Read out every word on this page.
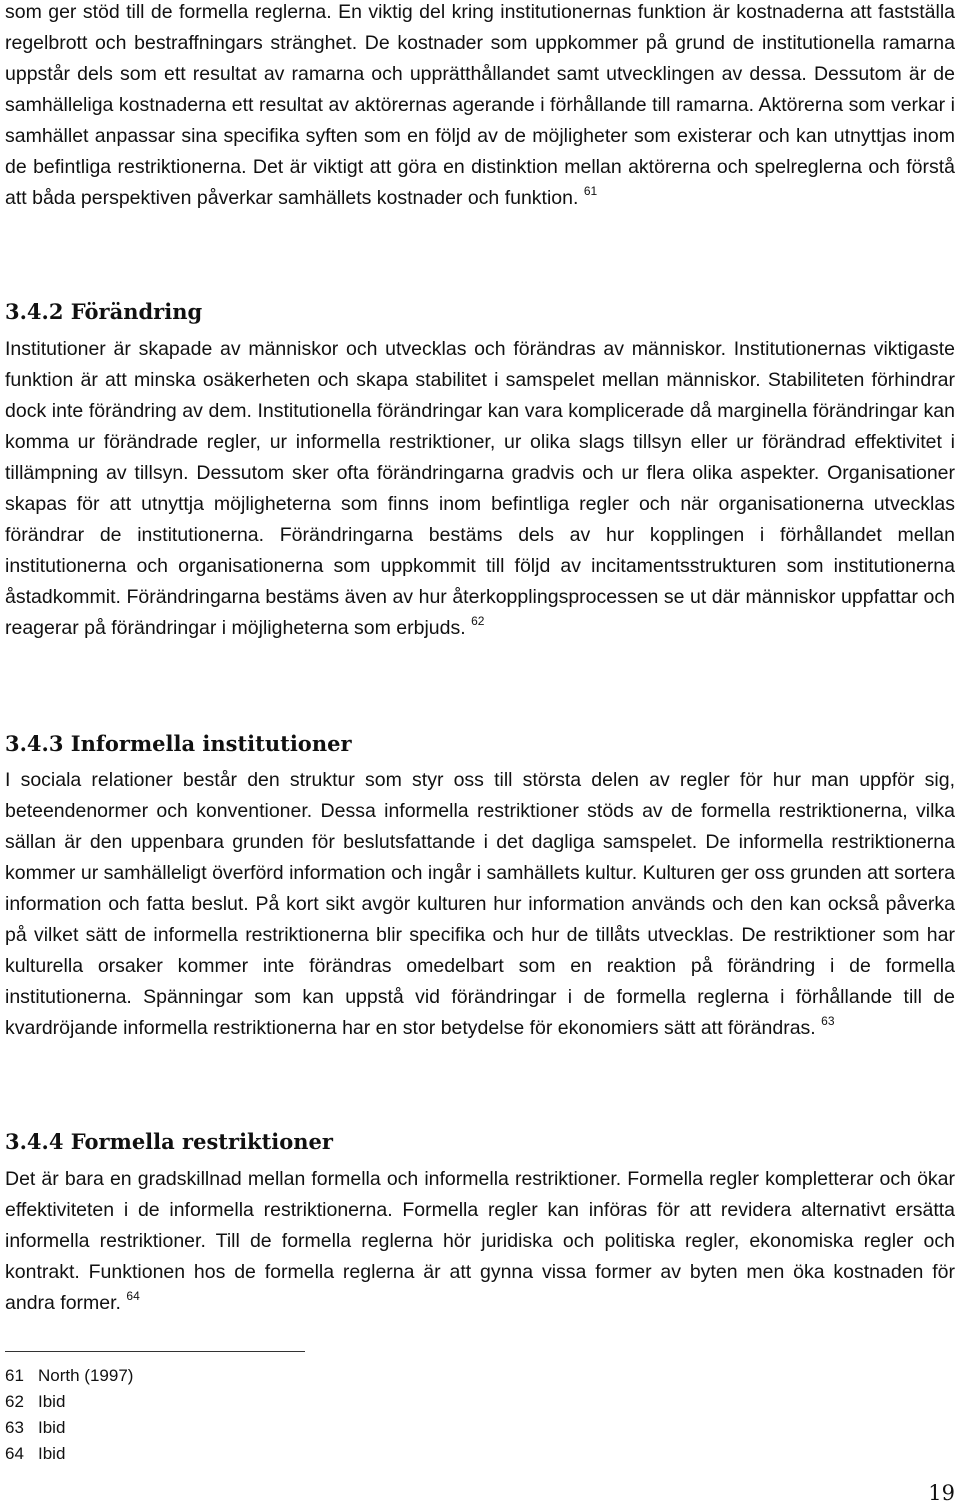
som ger stöd till de formella reglerna. En viktig del kring institutionernas funktion är kostnaderna att fastställa regelbrott och bestraffningars stränghet. De kostnader som uppkommer på grund de institutionella ramarna uppstår dels som ett resultat av ramarna och upprätthållandet samt utvecklingen av dessa. Dessutom är de samhälleliga kostnaderna ett resultat av aktörernas agerande i förhållande till ramarna. Aktörerna som verkar i samhället anpassar sina specifika syften som en följd av de möjligheter som existerar och kan utnyttjas inom de befintliga restriktionerna. Det är viktigt att göra en distinktion mellan aktörerna och spelreglerna och förstå att båda perspektiven påverkar samhällets kostnader och funktion. $^{61}$
3.4.2 Förändring
Institutioner är skapade av människor och utvecklas och förändras av människor. Institutionernas viktigaste funktion är att minska osäkerheten och skapa stabilitet i samspelet mellan människor. Stabiliteten förhindrar dock inte förändring av dem. Institutionella förändringar kan vara komplicerade då marginella förändringar kan komma ur förändrade regler, ur informella restriktioner, ur olika slags tillsyn eller ur förändrad effektivitet i tillämpning av tillsyn. Dessutom sker ofta förändringarna gradvis och ur flera olika aspekter. Organisationer skapas för att utnyttja möjligheterna som finns inom befintliga regler och när organisationerna utvecklas förändrar de institutionerna. Förändringarna bestäms dels av hur kopplingen i förhållandet mellan institutionerna och organisationerna som uppkommit till följd av incitamentsstrukturen som institutionerna åstadkommit. Förändringarna bestäms även av hur återkopplingsprocessen se ut där människor uppfattar och reagerar på förändringar i möjligheterna som erbjuds. $^{62}$
3.4.3 Informella institutioner
I sociala relationer består den struktur som styr oss till största delen av regler för hur man uppför sig, beteendenormer och konventioner. Dessa informella restriktioner stöds av de formella restriktionerna, vilka sällan är den uppenbara grunden för beslutsfattande i det dagliga samspelet. De informella restriktionerna kommer ur samhälleligt överförd information och ingår i samhällets kultur. Kulturen ger oss grunden att sortera information och fatta beslut. På kort sikt avgör kulturen hur information används och den kan också påverka på vilket sätt de informella restriktionerna blir specifika och hur de tillåts utvecklas. De restriktioner som har kulturella orsaker kommer inte förändras omedelbart som en reaktion på förändring i de formella institutionerna. Spänningar som kan uppstå vid förändringar i de formella reglerna i förhållande till de kvardröjande informella restriktionerna har en stor betydelse för ekonomiers sätt att förändras. $^{63}$
3.4.4 Formella restriktioner
Det är bara en gradskillnad mellan formella och informella restriktioner. Formella regler kompletterar och ökar effektiviteten i de informella restriktionerna. Formella regler kan införas för att revidera alternativt ersätta informella restriktioner. Till de formella reglerna hör juridiska och politiska regler, ekonomiska regler och kontrakt. Funktionen hos de formella reglerna är att gynna vissa former av byten men öka kostnaden för andra former. $^{64}$
61 North (1997)
62 Ibid
63 Ibid
64 Ibid
19
